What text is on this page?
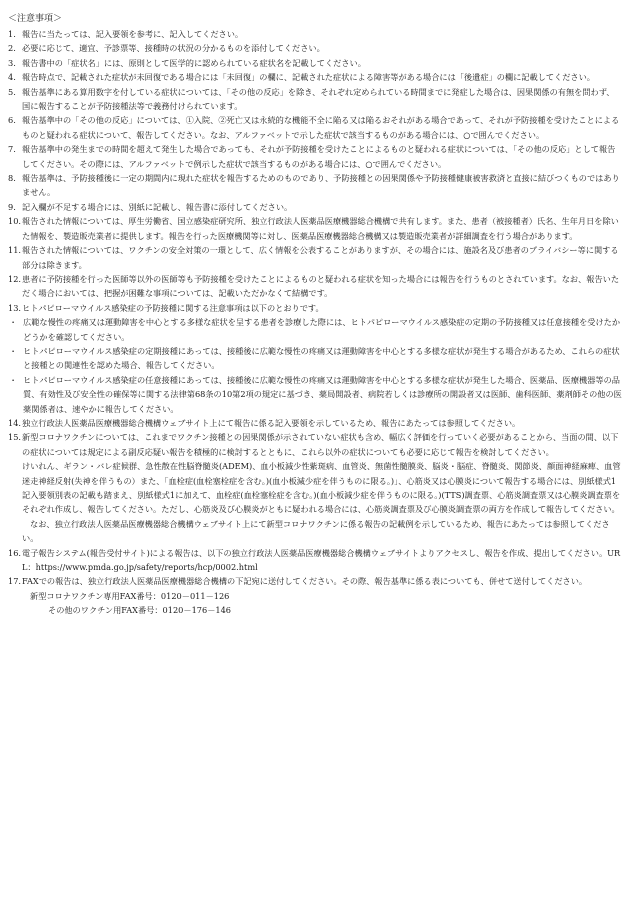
＜注意事項＞
1. 報告に当たっては、記入要領を参考に、記入してください。
2. 必要に応じて、適宜、予診票等、接種時の状況の分かるものを添付してください。
3. 報告書中の「症状名」には、原則として医学的に認められている症状名を記載してください。
4. 報告時点で、記載された症状が未回復である場合には「未回復」の欄に、記載された症状による障害等がある場合には「後遺症」の欄に記載してください。
5. 報告基準にある算用数字を付している症状については、「その他の反応」を除き、それぞれ定められている時間までに発症した場合は、因果関係の有無を問わず、国に報告することが予防接種法等で義務付けられています。
6. 報告基準中の「その他の反応」については、①入院、②死亡又は永続的な機能不全に陥る又は陥るおそれがある場合であって、それが予防接種を受けたことによるものと疑われる症状について、報告してください。なお、アルファベットで示した症状で該当するものがある場合には、○で囲んでください。
7. 報告基準中の発生までの時間を超えて発生した場合であっても、それが予防接種を受けたことによるものと疑われる症状については、「その他の反応」として報告してください。その際には、アルファベットで例示した症状で該当するものがある場合には、○で囲んでください。
8. 報告基準は、予防接種後に一定の期間内に現れた症状を報告するためのものであり、予防接種との因果関係や予防接種健康被害救済と直接に結びつくものではありません。
9. 記入欄が不足する場合には、別紙に記載し、報告書に添付してください。
10. 報告された情報については、厚生労働省、国立感染症研究所、独立行政法人医薬品医療機器総合機構で共有します。また、患者（被接種者）氏名、生年月日を除いた情報を、製造販売業者に提供します。報告を行った医療機関等に対し、医薬品医療機器総合機構又は製造販売業者が詳細調査を行う場合があります。
11. 報告された情報については、ワクチンの安全対策の一環として、広く情報を公表することがありますが、その場合には、施設名及び患者のプライバシー等に関する部分は除きます。
12. 患者に予防接種を行った医師等以外の医師等も予防接種を受けたことによるものと疑われる症状を知った場合には報告を行うものとされています。なお、報告いただく場合においては、把握が困難な事項については、記載いただかなくて結構です。
13. ヒトパピローマウイルス感染症の予防接種に関する注意事項は以下のとおりです。
・ 広範な慢性の疼痛又は運動障害を中心とする多様な症状を呈する患者を診療した際には、ヒトパピローマウイルス感染症の定期の予防接種又は任意接種を受けたかどうかを確認してください。
・ ヒトパピローマウイルス感染症の定期接種にあっては、接種後に広範な慢性の疼痛又は運動障害を中心とする多様な症状が発生する場合があるため、これらの症状と接種との関連性を認めた場合、報告してください。
・ ヒトパピローマウイルス感染症の任意接種にあっては、接種後に広範な慢性の疼痛又は運動障害を中心とする多様な症状が発生した場合、医薬品、医療機器等の品質、有効性及び安全性の確保等に関する法律第68条の10第2項の規定に基づき、薬局開設者、病院若しくは診療所の開設者又は医師、歯科医師、薬剤師その他の医薬関係者は、速やかに報告してください。
14. 独立行政法人医薬品医療機器総合機構ウェブサイト上にて報告に係る記入要領を示しているため、報告にあたっては参照してください。
15. 新型コロナワクチンについては、これまでワクチン接種との因果関係が示されていない症状も含め、幅広く評価を行っていく必要があることから、当面の間、以下の症状については規定による副反応疑い報告を積極的に検討するとともに、これら以外の症状についても必要に応じて報告を検討してください。
けいれん、ギラン・バレ症候群、急性散在性脳脊髄炎(ADEM)、血小板減少性紫斑病、血管炎、無菌性髄膜炎、脳炎・脳症、脊髄炎、関節炎、顔面神経麻痺、血管迷走神経反射(失神を伴うもの）また、「血栓症(血栓塞栓症を含む。)(血小板減少症を伴うものに限る。)」、心筋炎又は心膜炎について報告する場合には、別紙様式1記入要領別表の記載も踏まえ、別紙様式1に加えて、血栓症(血栓塞栓症を含む。)(血小板減少症を伴うものに限る。)(TTS)調査票、心筋炎調査票又は心膜炎調査票をそれぞれ作成し、報告してください。ただし、心筋炎及び心膜炎がともに疑われる場合には、心筋炎調査票及び心膜炎調査票の両方を作成して報告してください。
なお、独立行政法人医薬品医療機器総合機構ウェブサイト上にて新型コロナワクチンに係る報告の記載例を示しているため、報告にあたっては参照してください。
16. 電子報告システム(報告受付サイト)による報告は、以下の独立行政法人医薬品医療機器総合機構ウェブサイトよりアクセスし、報告を作成、提出してください。URL：https://www.pmda.go.jp/safety/reports/hcp/0002.html
17. FAXでの報告は、独立行政法人医薬品医療機器総合機構の下記宛に送付してください。その際、報告基準に係る表についても、併せて送付してください。
新型コロナワクチン専用FAX番号：0120－011－126
その他のワクチン用FAX番号：0120－176－146
